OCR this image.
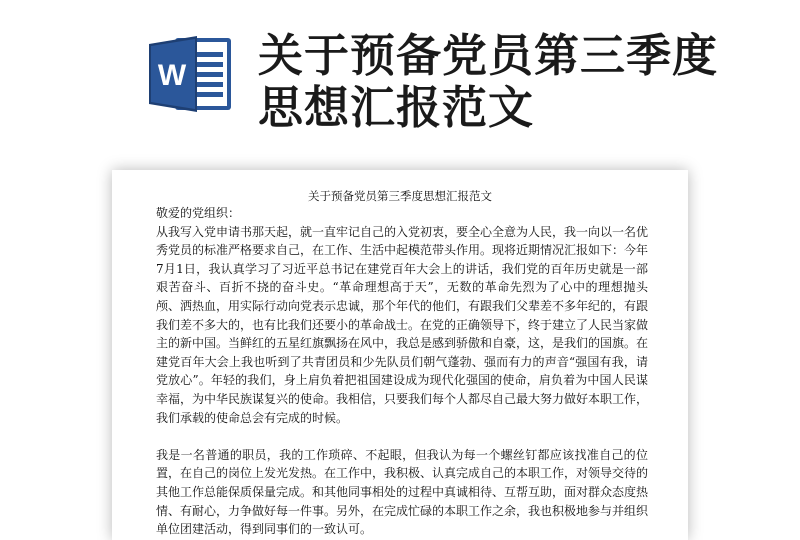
W 关于预备党员第三季度思想汇报范文
关于预备党员第三季度思想汇报范文

敬爱的党组织：

从我写入党申请书那天起，就一直牢记自己的入党初衷，要全心全意为人民，我一向以一名优秀党员的标准严格要求自己，在工作、生活中起模范带头作用。现将近期情况汇报如下：今年7月1日，我认真学习了习近平总书记在建党百年大会上的讲话，我们党的百年历史就是一部艰苦奋斗、百折不挠的奋斗史。“革命理想高于天”，无数的革命先烈为了心中的理想抛头颅、洒热血，用实际行动向党表示忠诚，那个年代的他们，有跟我们父辈差不多年纪的，有跟我们差不多大的，也有比我们还要小的革命战士。在党的正确领导下，终于建立了人民当家做主的新中国。当鲜红的五星红旗飘扬在风中，我总是感到骄傲和自豪，这，是我们的国旗。在建党百年大会上我也听到了共青团员和少先队员们朝气蓬勃、强而有力的声音“强国有我，请党放心”。年轻的我们，身上肩负着把祖国建设成为现代化强国的使命，肩负着为中国人民谋幸福，为中华民族谋复兴的使命。我相信，只要我们每个人都尽自己最大努力做好本职工作，我们承载的使命总会有完成的时候。

我是一名普通的职员，我的工作琐碎、不起眼，但我认为每一个螺丝钉都应该找准自己的位置，在自己的岗位上发光发热。在工作中，我积极、认真完成自己的本职工作，对领导交待的其他工作总能保质保量完成。和其他同事相处的过程中真诚相待、互帮互助，面对群众态度热情、有耐心，力争做好每一件事。另外，在完成忙碌的本职工作之余，我也积极地参与并组织单位团建活动，得到同事们的一致认可。
